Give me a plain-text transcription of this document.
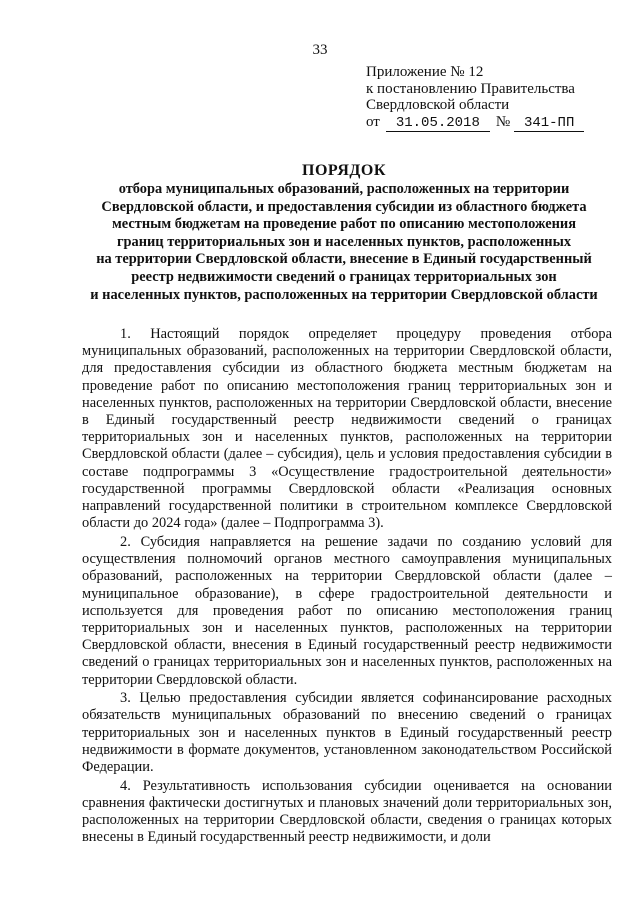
33
Приложение № 12
к постановлению Правительства
Свердловской области
от	31.05.2018	№ 341-ПП
ПОРЯДОК
отбора муниципальных образований, расположенных на территории
Свердловской области, и предоставления субсидии из областного бюджета
местным бюджетам на проведение работ по описанию местоположения
границ территориальных зон и населенных пунктов, расположенных
на территории Свердловской области, внесение в Единый государственный
реестр недвижимости сведений о границах территориальных зон
и населенных пунктов, расположенных на территории Свердловской области

1. Настоящий порядок определяет процедуру проведения отбора муниципальных образований, расположенных на территории Свердловской области, для предоставления субсидии из областного бюджета местным бюджетам на проведение работ по описанию местоположения границ территориальных зон и населенных пунктов, расположенных на территории Свердловской области, внесение в Единый государственный реестр недвижимости сведений о границах территориальных зон и населенных пунктов, расположенных на территории Свердловской области (далее – субсидия), цель и условия предоставления субсидии в составе подпрограммы 3 «Осуществление градостроительной деятельности» государственной программы Свердловской области «Реализация основных направлений государственной политики в строительном комплексе Свердловской области до 2024 года» (далее – Подпрограмма 3).

2. Субсидия направляется на решение задачи по созданию условий для осуществления полномочий органов местного самоуправления муниципальных образований, расположенных на территории Свердловской области (далее – муниципальное образование), в сфере градостроительной деятельности и используется для проведения работ по описанию местоположения границ территориальных зон и населенных пунктов, расположенных на территории Свердловской области, внесения в Единый государственный реестр недвижимости сведений о границах территориальных зон и населенных пунктов, расположенных на территории Свердловской области.

3. Целью предоставления субсидии является софинансирование расходных обязательств муниципальных образований по внесению сведений о границах территориальных зон и населенных пунктов в Единый государственный реестр недвижимости в формате документов, установленном законодательством Российской Федерации.

4. Результативность использования субсидии оценивается на основании сравнения фактически достигнутых и плановых значений доли территориальных зон, расположенных на территории Свердловской области, сведения о границах которых внесены в Единый государственный реестр недвижимости, и доли
